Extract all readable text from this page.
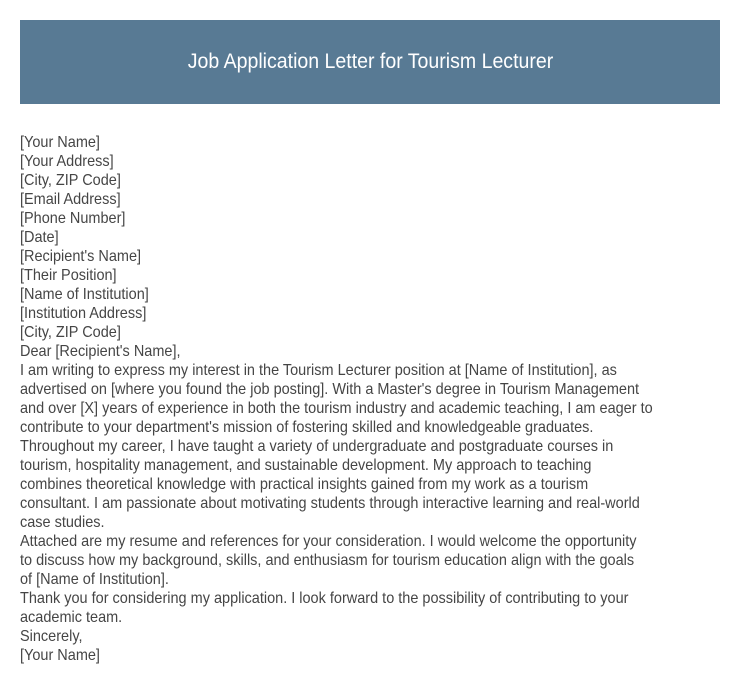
Job Application Letter for Tourism Lecturer
[Your Name]
[Your Address]
[City, ZIP Code]
[Email Address]
[Phone Number]
[Date]
[Recipient's Name]
[Their Position]
[Name of Institution]
[Institution Address]
[City, ZIP Code]
Dear [Recipient's Name],
I am writing to express my interest in the Tourism Lecturer position at [Name of Institution], as
advertised on [where you found the job posting]. With a Master's degree in Tourism Management
and over [X] years of experience in both the tourism industry and academic teaching, I am eager to
contribute to your department's mission of fostering skilled and knowledgeable graduates.
Throughout my career, I have taught a variety of undergraduate and postgraduate courses in
tourism, hospitality management, and sustainable development. My approach to teaching
combines theoretical knowledge with practical insights gained from my work as a tourism
consultant. I am passionate about motivating students through interactive learning and real-world
case studies.
Attached are my resume and references for your consideration. I would welcome the opportunity
to discuss how my background, skills, and enthusiasm for tourism education align with the goals
of [Name of Institution].
Thank you for considering my application. I look forward to the possibility of contributing to your
academic team.
Sincerely,
[Your Name]
